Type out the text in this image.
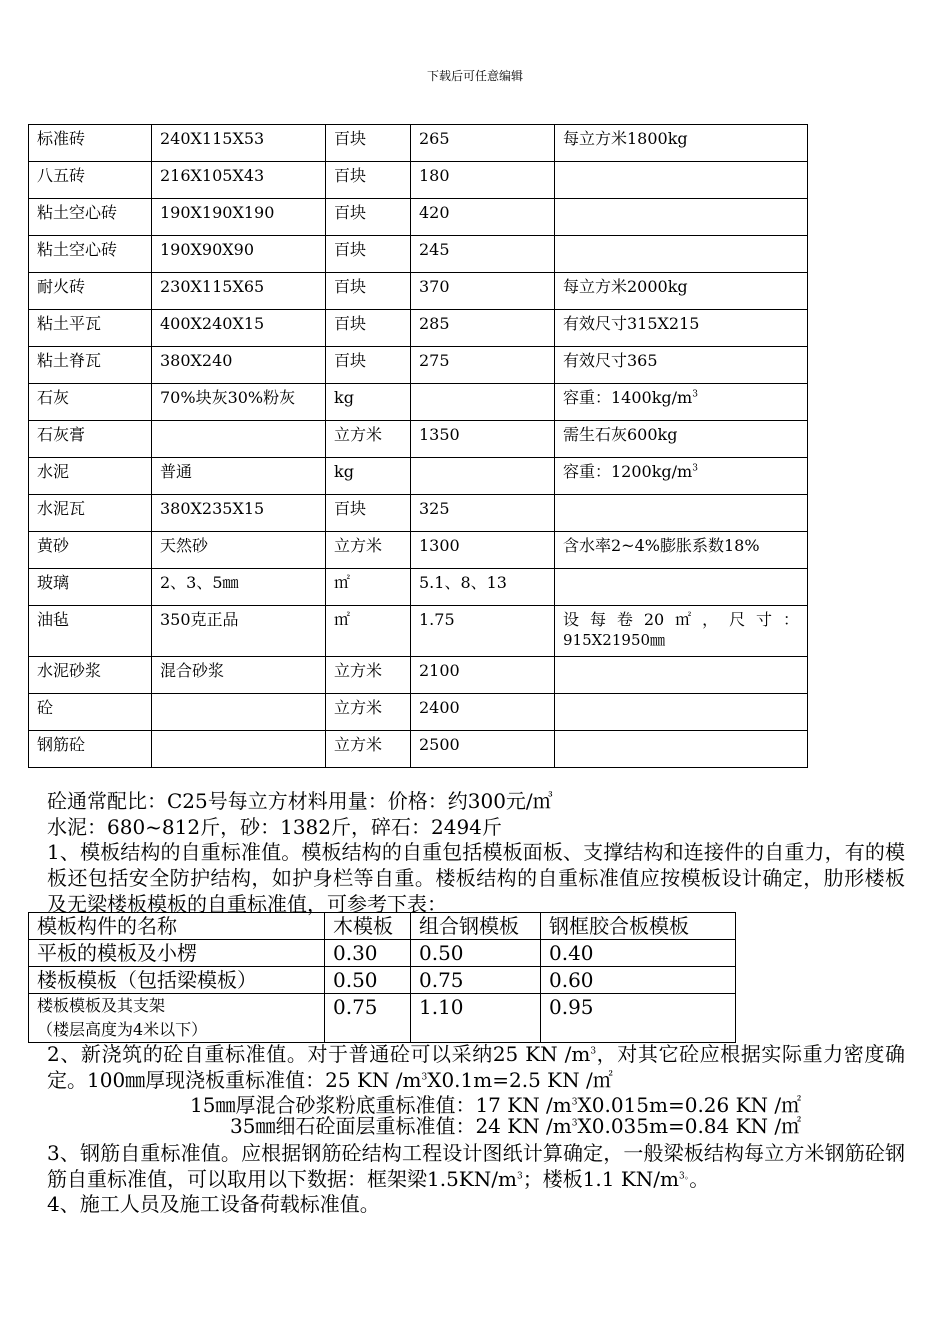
下载后可任意编辑
标准砖	240X115X53	百块	265	每立方米1800kg
八五砖	216X105X43	百块	180	
粘土空心砖	190X190X190	百块	420	
粘土空心砖	190X90X90	百块	245	
耐火砖	230X115X65	百块	370	每立方米2000kg
粘土平瓦	400X240X15	百块	285	有效尺寸315X215
粘土脊瓦	380X240	百块	275	有效尺寸365
石灰	70%块灰30%粉灰	kg		容重：$1400kg/m^3$
石灰膏		立方米	1350	需生石灰600kg
水泥	普通	kg		容重：$1200kg/m^3$
水泥瓦	380X235X15	百块	325	
黄砂	天然砂	立方米	1300	含水率2~4%膨胀系数18%
玻璃	2、3、5㎜	㎡	5.1、8、13	
油毡	350克正品	㎡	1.75	设每卷20㎡，尺寸：
915X21950㎜

水泥砂浆	混合砂浆	立方米	2100	
砼		立方米	2400	
钢筋砼		立方米	2500	
砼通常配比：C25号每立方材料用量：价格：约300元/㎥
水泥：680~812斤，砂：1382斤，碎石：2494斤
1、模板结构的自重标准值。模板结构的自重包括模板面板、支撑结构和连接件的自重力，有的模板还包括安全防护结构，如护身栏等自重。楼板结构的自重标准值应按模板设计确定，肋形楼板及无梁楼板模板的自重标准值，可参考下表：
模板构件的名称	木模板	组合钢模板	钢框胶合板模板
平板的模板及小楞	0.30	0.50	0.40
楼板模板（包括梁模板）	0.50	0.75	0.60

楼板模板及其支架
（楼层高度为4米以下）	0.75	1.10	0.95
2、新浇筑的砼自重标准值。对于普通砼可以采纳25 KN $/m^3$，对其它砼应根据实际重力密度确定。100㎜厚现浇板重标准值：25 KN $/m^3X0.1m=2.5$ KN /㎡
15㎜厚混合砂浆粉底重标准值：17 KN $/m^3X0.015m=0.26$ KN /㎡
35㎜细石砼面层重标准值：24 KN $/m^3X0.035m=0.84$ KN /㎡
3、钢筋自重标准值。应根据钢筋砼结构工程设计图纸计算确定，一般梁板结构每立方米钢筋砼钢筋自重标准值，可以取用以下数据：框架梁$1.5KN/m^3$；楼板1.1 $KN/m^{3。}$。
4、施工人员及施工设备荷载标准值。
